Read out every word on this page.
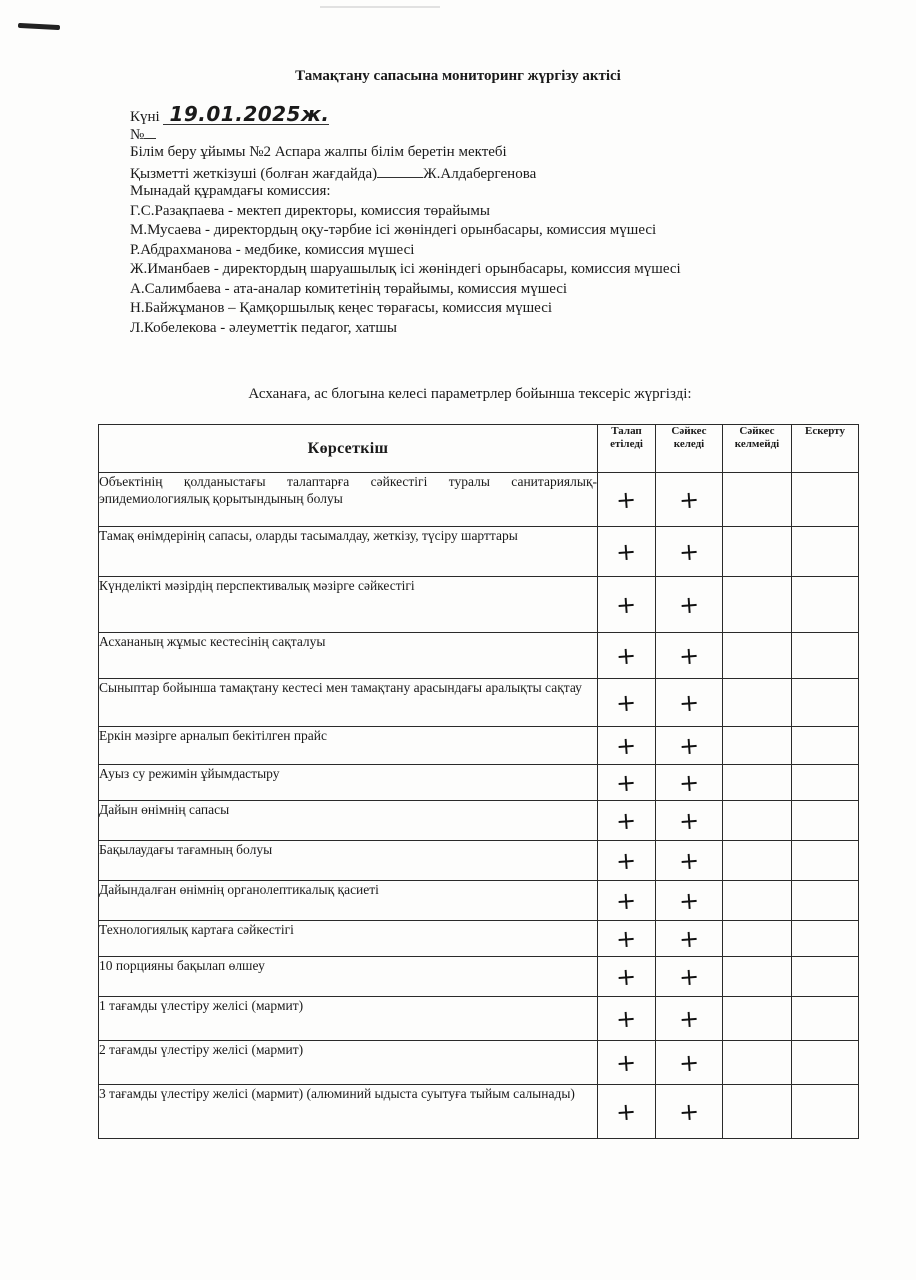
Тамақтану сапасына мониторинг жүргізу актісі
Күні 19.01.2025ж.
№
Білім беру ұйымы №2 Аспара жалпы білім беретін мектебі
Қызметті жеткізуші (болған жағдайда)	Ж.Алдабергенова
Мынадай құрамдағы комиссия:
Г.С.Разақпаева - мектеп директоры, комиссия төрайымы
М.Мусаева - директордың оқу-тәрбие ісі жөніндегі орынбасары, комиссия мүшесі
Р.Абдрахманова - медбике, комиссия мүшесі
Ж.Иманбаев - директордың шаруашылық ісі жөніндегі орынбасары, комиссия мүшесі
А.Салимбаева - ата-аналар комитетінің төрайымы, комиссия мүшесі
Н.Байжұманов – Қамқоршылық кеңес төрағасы, комиссия мүшесі
Л.Кобелекова - әлеуметтік педагог, хатшы
Асханаға, ас блогына келесі параметрлер бойынша тексеріс жүргізді:
Көрсеткіш	Талап етіледі	Сәйкес келеді	Сәйкес келмейді	Ескерту
Объектінің қолданыстағы талаптарға сәйкестігі туралы санитариялық-эпидемиологиялық қорытындының болуы	+	+		
Тамақ өнімдерінің сапасы, оларды тасымалдау, жеткізу, түсіру шарттары	+	+		
Күнделікті мәзірдің перспективалық мәзірге сәйкестігі	+	+		
Асхананың жұмыс кестесінің сақталуы	+	+		
Сыныптар бойынша тамақтану кестесі мен тамақтану арасындағы аралықты сақтау	+	+		
Еркін мәзірге арналып бекітілген прайс	+	+		
Ауыз су режимін ұйымдастыру	+	+		
Дайын өнімнің сапасы	+	+		
Бақылаудағы тағамның болуы	+	+		
Дайындалған өнімнің органолептикалық қасиеті	+	+		
Технологиялық картаға сәйкестігі	+	+		
10 порцияны бақылап өлшеу	+	+		
1 тағамды үлестіру желісі (мармит)	+	+		
2 тағамды үлестіру желісі (мармит)	+	+		
3 тағамды үлестіру желісі (мармит) (алюминий ыдыста суытуға тыйым салынады)	+	+		
